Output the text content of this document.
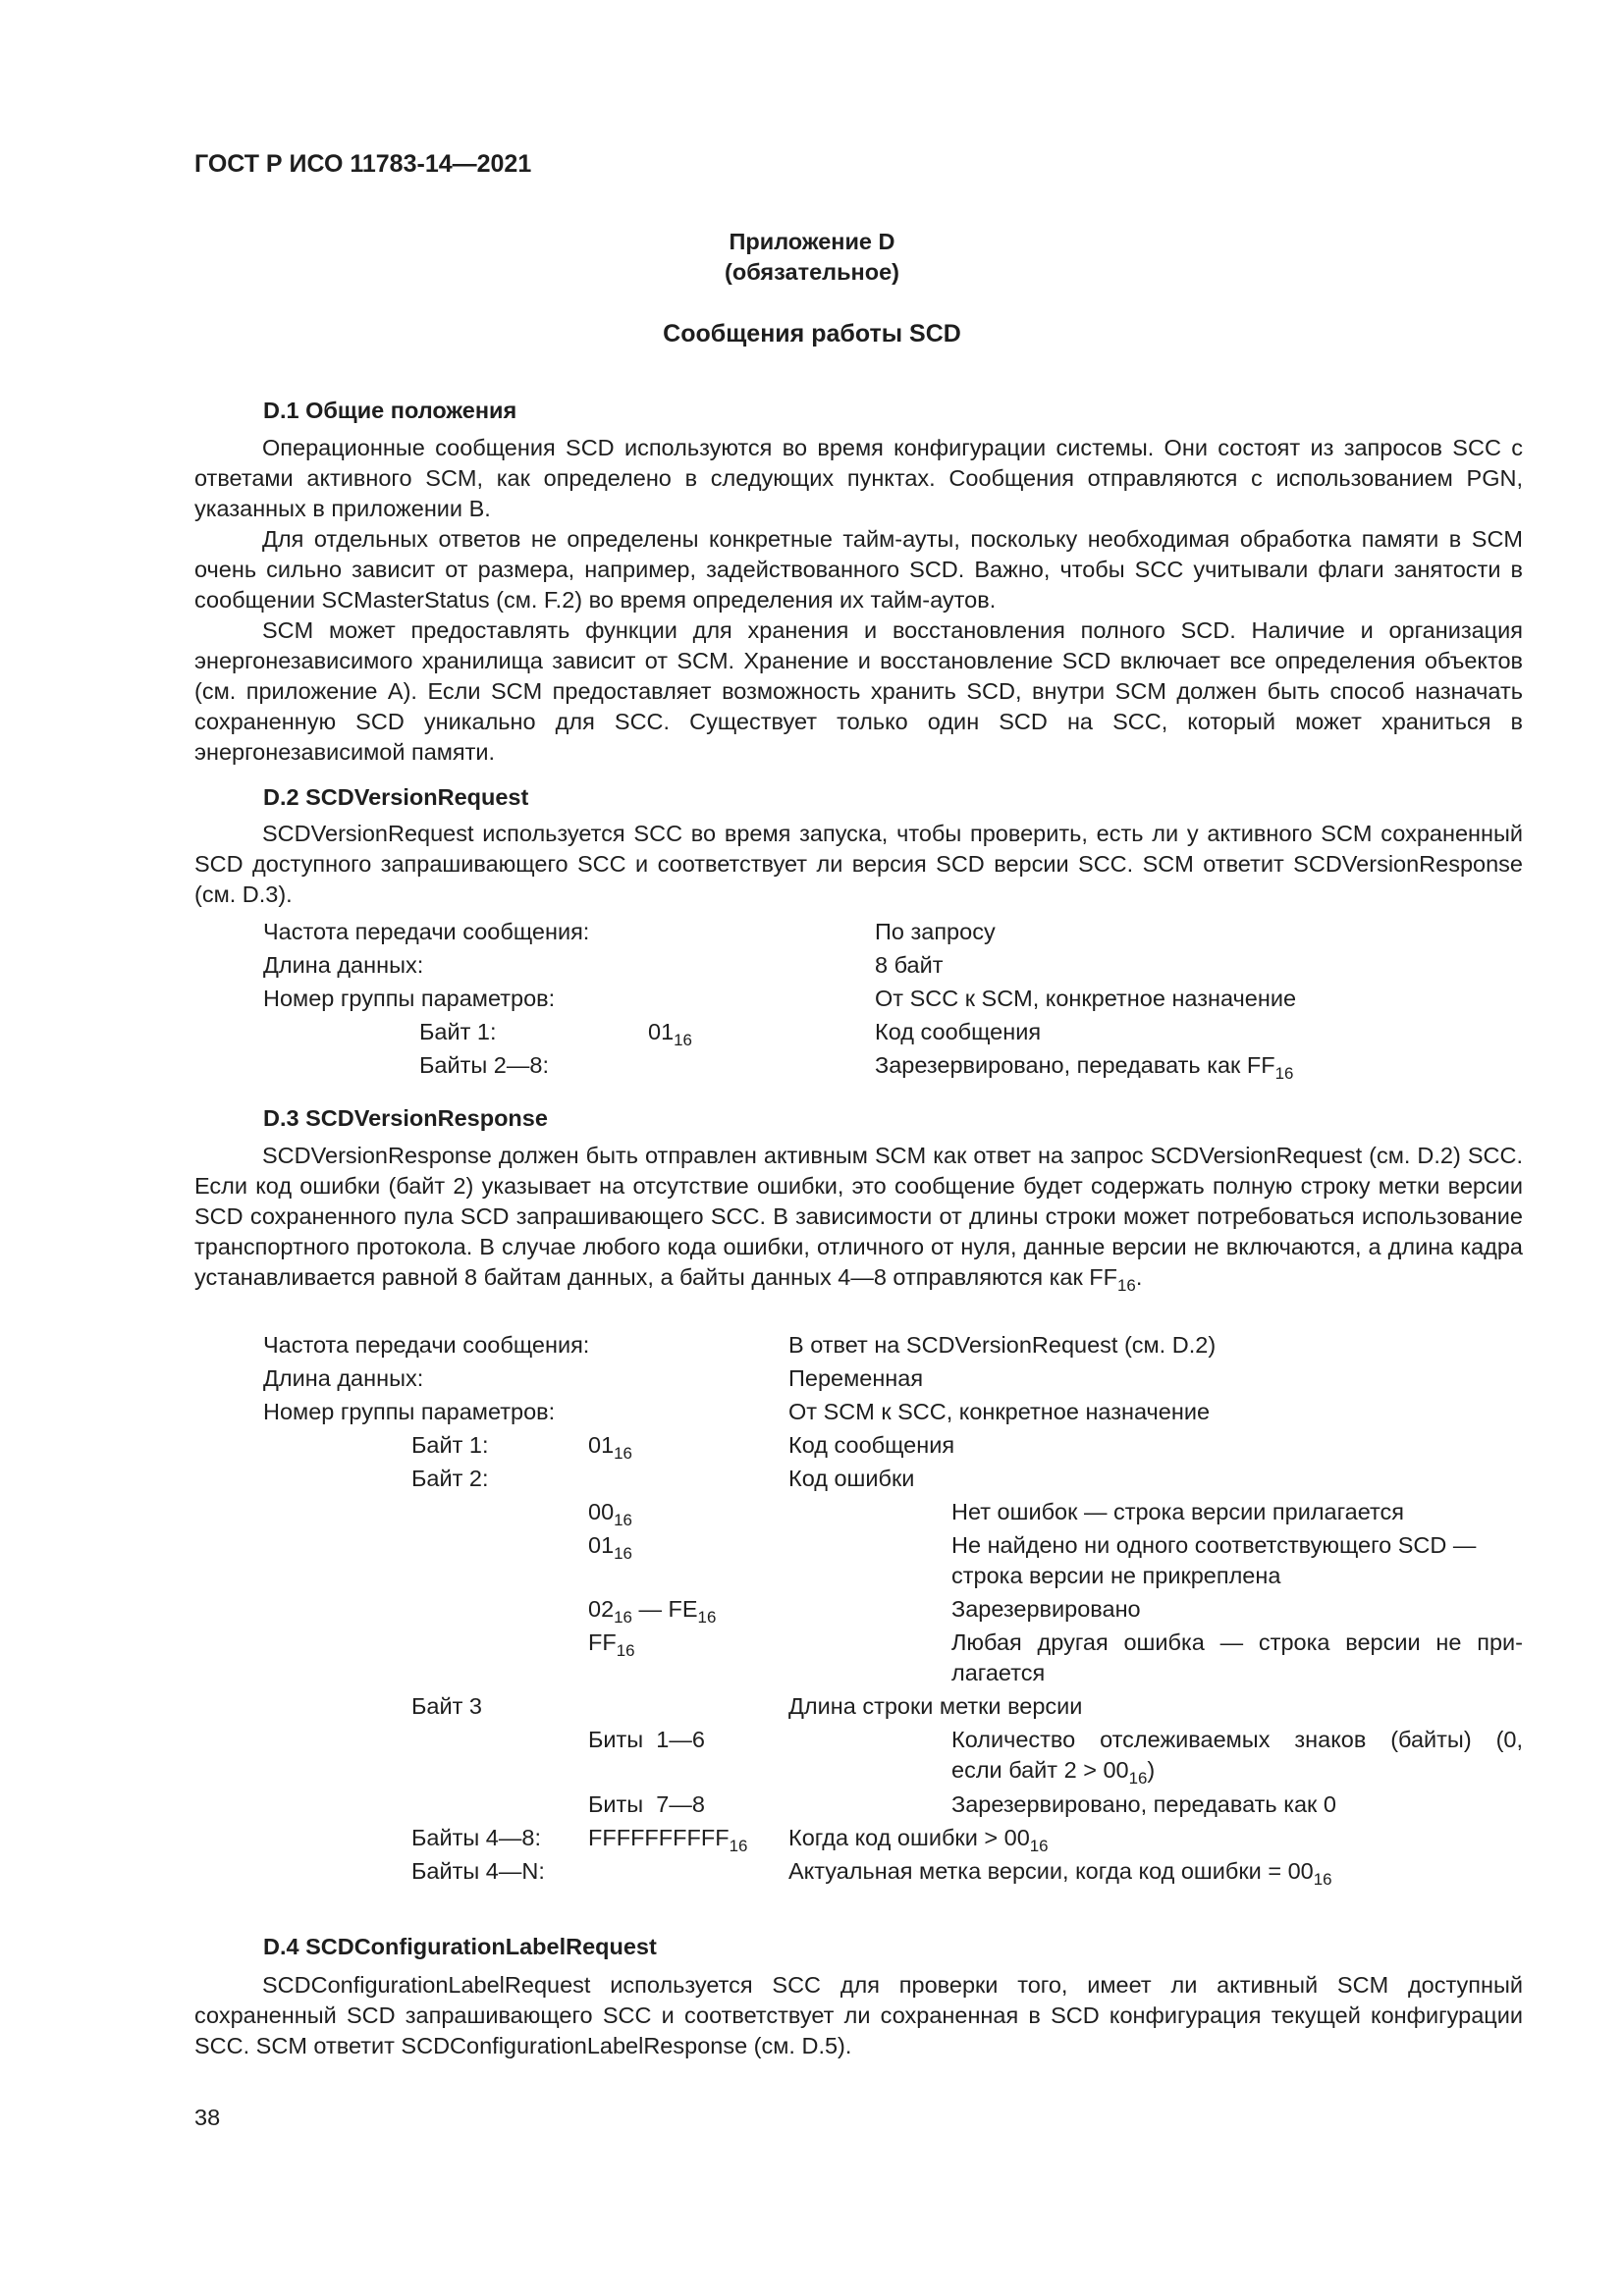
ГОСТ Р ИСО 11783-14—2021
Приложение D
(обязательное)
Сообщения работы SCD
D.1 Общие положения
Операционные сообщения SCD используются во время конфигурации системы. Они состоят из запросов SCC с ответами активного SCM, как определено в следующих пунктах. Сообщения отправляются с использованием PGN, указанных в приложении B.
Для отдельных ответов не определены конкретные тайм-ауты, поскольку необходимая обработка памяти в SCM очень сильно зависит от размера, например, задействованного SCD. Важно, чтобы SCC учитывали флаги занятости в сообщении SCMasterStatus (см. F.2) во время определения их тайм-аутов.
SCM может предоставлять функции для хранения и восстановления полного SCD. Наличие и организация энергонезависимого хранилища зависит от SCM. Хранение и восстановление SCD включает все определения объектов (см. приложение А). Если SCM предоставляет возможность хранить SCD, внутри SCM должен быть способ назначать сохраненную SCD уникально для SCC. Существует только один SCD на SCC, который может храниться в энергонезависимой памяти.
D.2 SCDVersionRequest
SCDVersionRequest используется SCC во время запуска, чтобы проверить, есть ли у активного SCM сохраненный SCD доступного запрашивающего SCC и соответствует ли версия SCD версии SCC. SCM ответит SCDVersionResponse (см. D.3).
Частота передачи сообщения:	По запросу
Длина данных:	8 байт
Номер группы параметров:	От SCC к SCM, конкретное назначение
Байт 1:	$01_{16}$	Код сообщения
Байты 2—8:	Зарезервировано, передавать как $FF_{16}$
D.3 SCDVersionResponse
SCDVersionResponse должен быть отправлен активным SCM как ответ на запрос SCDVersionRequest (см. D.2) SCC. Если код ошибки (байт 2) указывает на отсутствие ошибки, это сообщение будет содержать полную строку метки версии SCD сохраненного пула SCD запрашивающего SCC. В зависимости от длины строки может потребоваться использование транспортного протокола. В случае любого кода ошибки, отличного от нуля, данные версии не включаются, а длина кадра устанавливается равной 8 байтам данных, а байты данных 4—8 отправляются как $FF_{16}$.
Частота передачи сообщения:	В ответ на SCDVersionRequest (см. D.2)
Длина данных:	Переменная
Номер группы параметров:	От SCM к SCC, конкретное назначение
Байт 1:	$01_{16}$	Код сообщения
Байт 2:	Код ошибки
$00_{16}$	Нет ошибок — строка версии прилагается
$01_{16}$	Не найдено ни одного соответствующего SCD —
строка версии не прикреплена
$02_{16}$ — $FE_{16}$	Зарезервировано
$FF_{16}$	Любая другая ошибка — строка версии не при-
лагается
Байт 3	Длина строки метки версии
Биты  1—6	Количество отслеживаемых знаков (байты) (0,
если байт $2 > 00_{16}$)
Биты  7—8	Зарезервировано, передавать как 0
Байты 4—8: $FFFFFFFFFF_{16}$ Когда код ошибки > $00_{16}$
Байты 4—N:	Актуальная метка версии, когда код ошибки = $00_{16}$
D.4 SCDConfigurationLabelRequest
SCDConfigurationLabelRequest используется SCC для проверки того, имеет ли активный SCM доступный сохраненный SCD запрашивающего SCC и соответствует ли сохраненная в SCD конфигурация текущей конфигурации SCC. SCM ответит SCDConfigurationLabelResponse (см. D.5).
38
